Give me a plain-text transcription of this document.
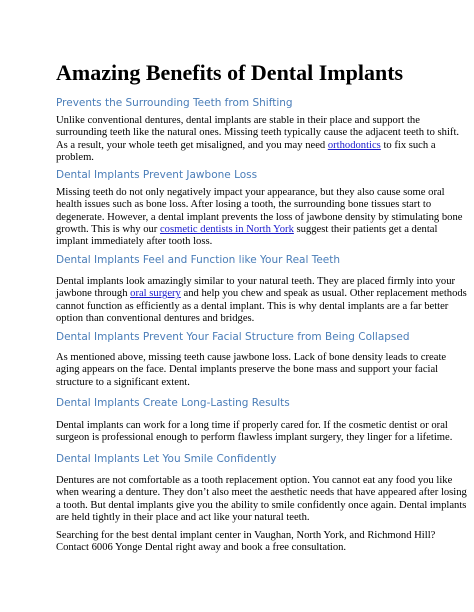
Amazing Benefits of Dental Implants
Prevents the Surrounding Teeth from Shifting
Unlike conventional dentures, dental implants are stable in their place and support the
surrounding teeth like the natural ones. Missing teeth typically cause the adjacent teeth to shift.
As a result, your whole teeth get misaligned, and you may need orthodontics to fix such a
problem.
Dental Implants Prevent Jawbone Loss
Missing teeth do not only negatively impact your appearance, but they also cause some oral
health issues such as bone loss. After losing a tooth, the surrounding bone tissues start to
degenerate. However, a dental implant prevents the loss of jawbone density by stimulating bone
growth. This is why our cosmetic dentists in North York suggest their patients get a dental
implant immediately after tooth loss.
Dental Implants Feel and Function like Your Real Teeth
Dental implants look amazingly similar to your natural teeth. They are placed firmly into your
jawbone through oral surgery and help you chew and speak as usual. Other replacement methods
cannot function as efficiently as a dental implant. This is why dental implants are a far better
option than conventional dentures and bridges.
Dental Implants Prevent Your Facial Structure from Being Collapsed
As mentioned above, missing teeth cause jawbone loss. Lack of bone density leads to create
aging appears on the face. Dental implants preserve the bone mass and support your facial
structure to a significant extent.
Dental Implants Create Long-Lasting Results
Dental implants can work for a long time if properly cared for. If the cosmetic dentist or oral
surgeon is professional enough to perform flawless implant surgery, they linger for a lifetime.
Dental Implants Let You Smile Confidently
Dentures are not comfortable as a tooth replacement option. You cannot eat any food you like
when wearing a denture. They don’t also meet the aesthetic needs that have appeared after losing
a tooth. But dental implants give you the ability to smile confidently once again. Dental implants
are held tightly in their place and act like your natural teeth.
Searching for the best dental implant center in Vaughan, North York, and Richmond Hill?
Contact 6006 Yonge Dental right away and book a free consultation.
